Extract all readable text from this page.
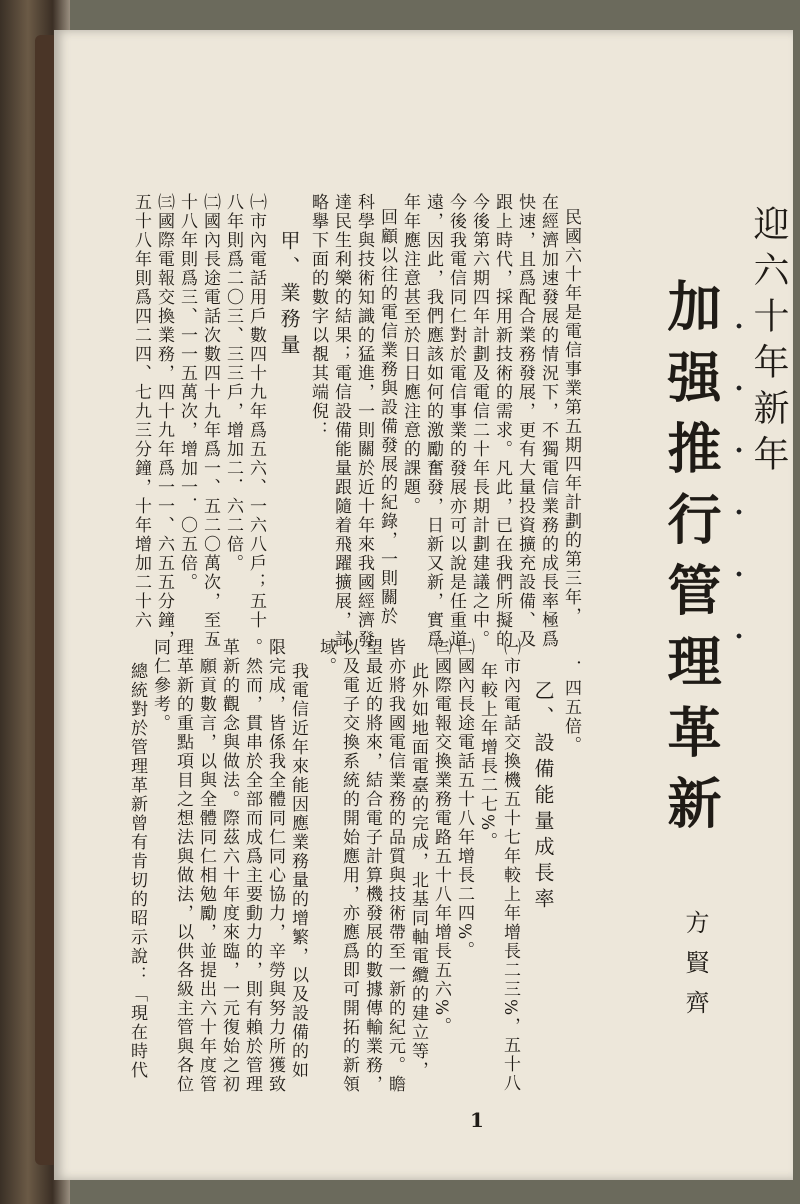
迎六十年新年
加强推行管理革新
方賢齊
民國六十年是電信事業第五期四年計劃的第三年，
在經濟加速發展的情況下，不獨電信業務的成長率極爲
快速，且爲配合業務發展，更有大量投資擴充設備、及
跟上時代，採用新技術的需求。凡此，已在我們所擬的
今後第六期四年計劃及電信二十年長期計劃建議之中。
今後我電信同仁對於電信事業的發展亦可以說是任重道
遠，因此，我們應該如何的激勵奮發，日新又新，實爲
年年應注意甚至於日日應注意的課題。
回顧以往的電信業務與設備發展的紀錄，一則關於
科學與技術知識的猛進，一則關於近十年來我國經濟發
達民生利樂的結果；電信設備能量跟隨着飛躍擴展，試
略擧下面的數字以覩其端倪：
甲、業務量
㈠市內電話用戶數四十九年爲五六、一六八戶；五十
八年則爲二〇三、三三戶，增加二．六二倍。
㈡國內長途電話次數四十九年爲一、五二〇萬次，至五
十八年則爲三、一一五萬次，增加一．〇五倍。
㈢國際電報交換業務，四十九年爲一一、六五五分鐘，
五十八年則爲四二四、七九三分鐘，十年增加二十六
．四五倍。
乙、設備能量成長率
㈠市內電話交換機五十七年較上年增長二三%，五十八
年較上年增長二七%。
㈡國內長途電話五十八年增長二四%。
㈢國際電報交換業務電路五十八年增長五六%。
此外如地面電臺的完成，北基同軸電纜的建立等，
皆亦將我國電信業務的品質與技術帶至一新的紀元。瞻
望最近的將來，結合電子計算機發展的數據傳輸業務，
以及電子交換系統的開始應用，亦應爲即可開拓的新領
域。
我電信近年來能因應業務量的增繁，以及設備的如
限完成，皆係我全體同仁同心協力，辛勞與努力所獲致
。然而，貫串於全部而成爲主要動力的，則有賴於管理
革新的觀念與做法。際茲六十年度來臨，一元復始之初
，願貢數言，以與全體同仁相勉勵，並提出六十年度管
理革新的重點項目之想法與做法，以供各級主管與各位
同仁參考。
總統對於管理革新曾有肯切的昭示說：「現在時代
1
